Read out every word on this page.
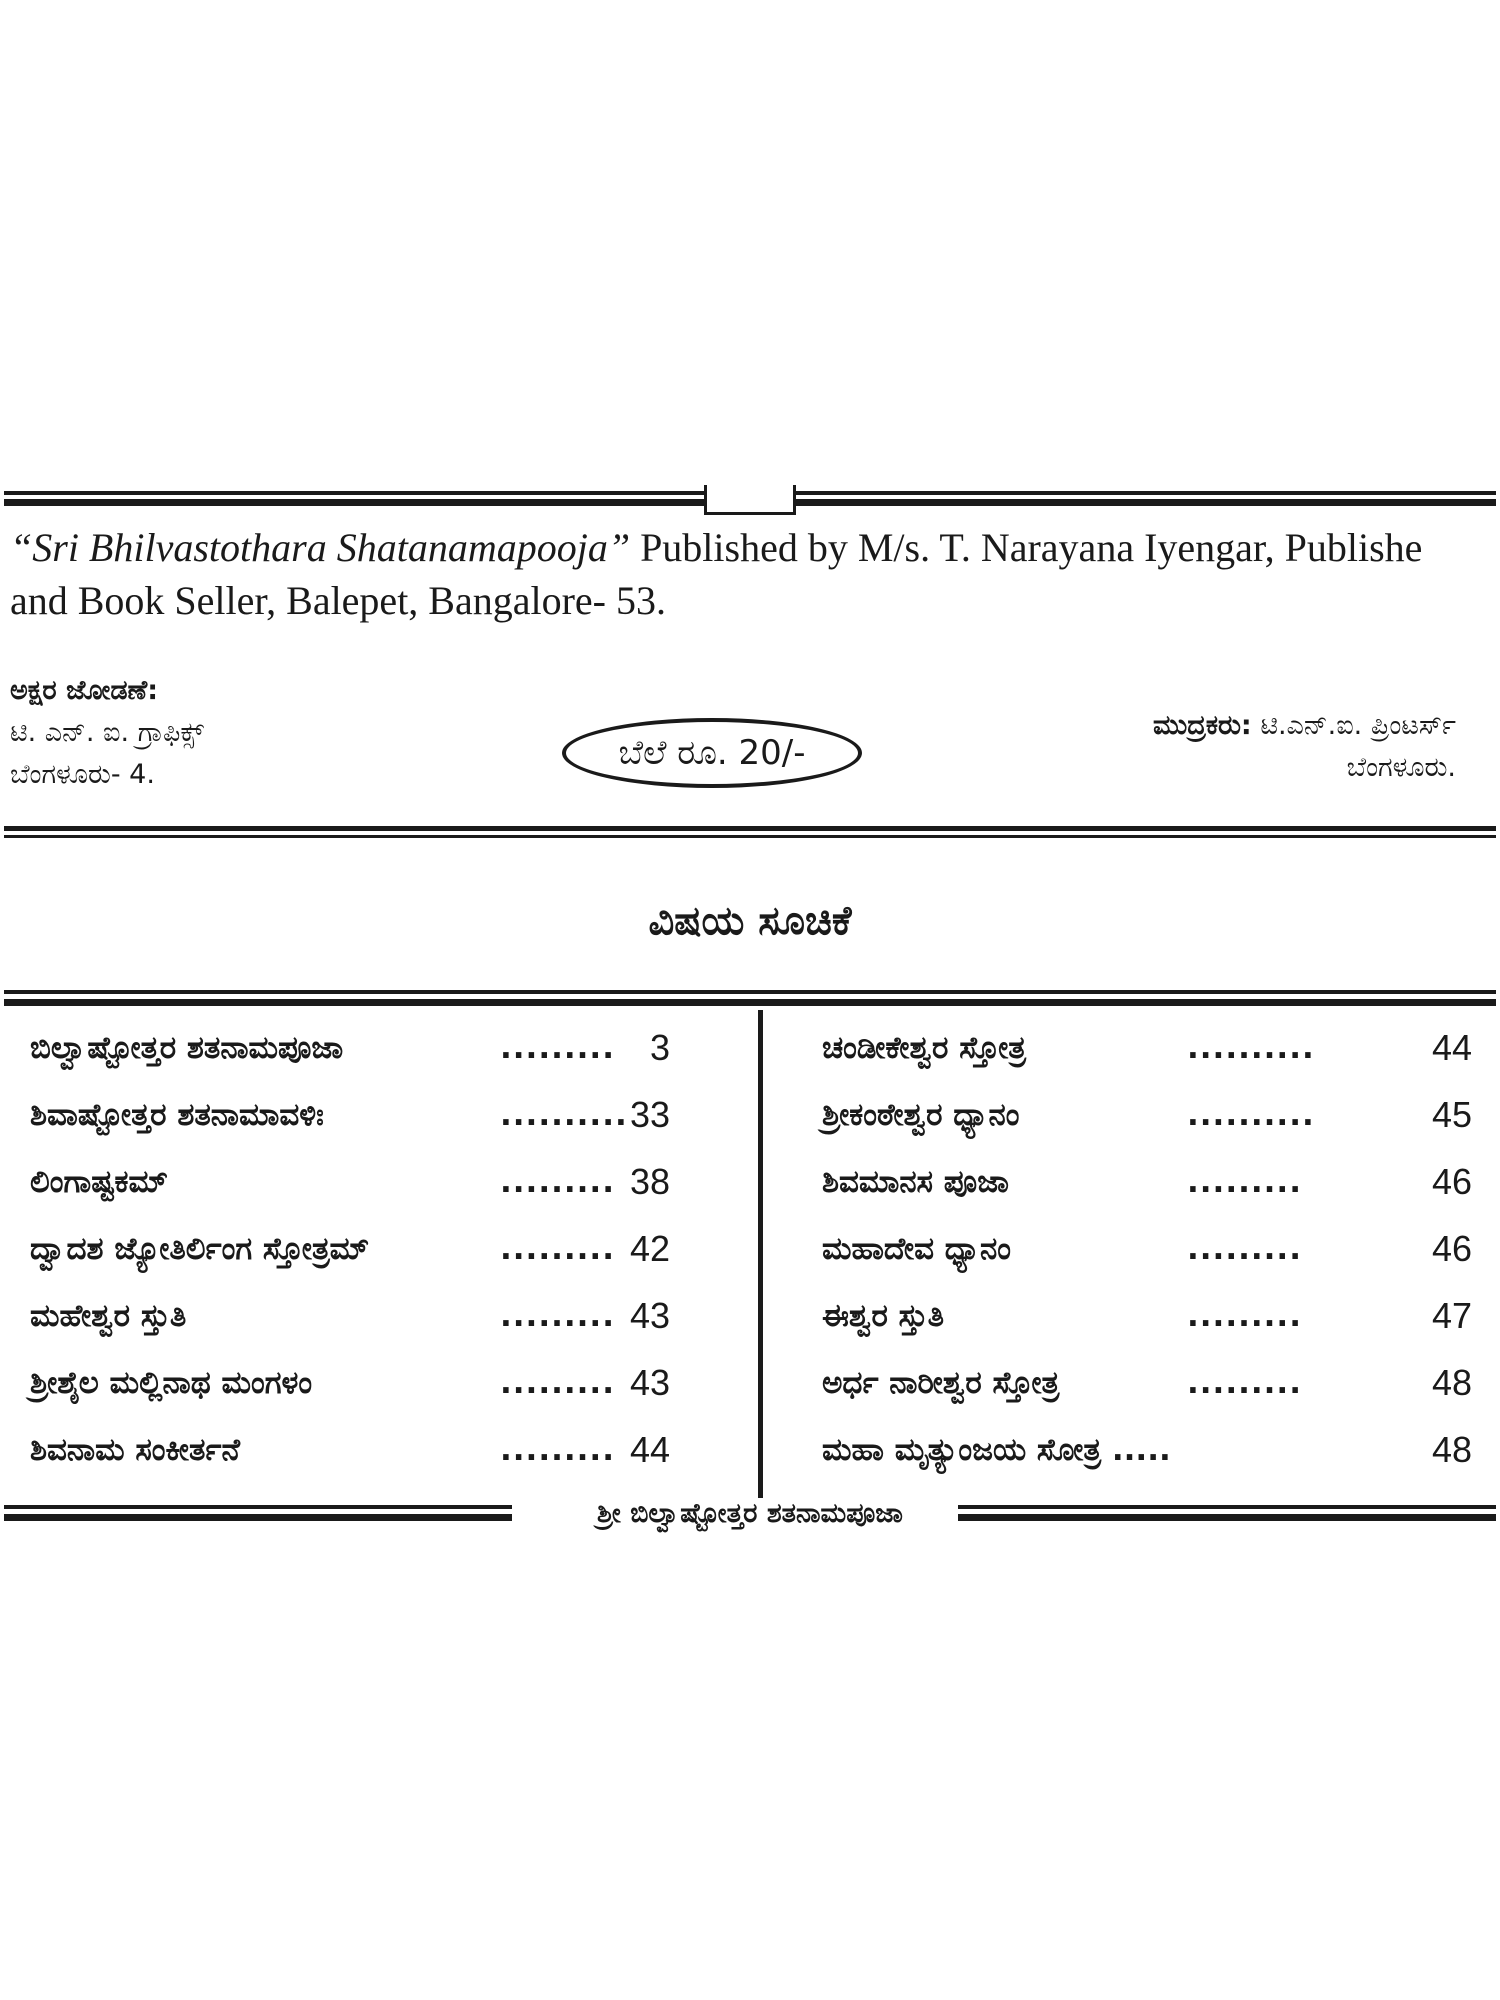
“Sri Bhilvastothara Shatanamapooja” Published by M/s. T. Narayana Iyengar, Publishe
and Book Seller, Balepet, Bangalore- 53.
ಅಕ್ಷರ ಜೋಡಣೆ:
ಟಿ. ಎನ್. ಐ. ಗ್ರಾಫಿಕ್ಸ್
ಬೆಂಗಳೂರು- 4.
ಬೆಲೆ ರೂ. 20/-
ಮುದ್ರಕರು: ಟಿ.ಎನ್.ಐ. ಪ್ರಿಂಟರ್ಸ್
ಬೆಂಗಳೂರು.
ವಿಷಯ ಸೂಚಿಕೆ
ಬಿಲ್ವಾಷ್ಟೋತ್ತರ ಶತನಾಮಪೂಜಾ	......... 3
ಶಿವಾಷ್ಟೋತ್ತರ ಶತನಾಮಾವಳಿಃ	.......... 33
ಲಿಂಗಾಷ್ಟಕಮ್	......... 38
ದ್ವಾದಶ ಜ್ಯೋತಿರ್ಲಿಂಗ ಸ್ತೋತ್ರಮ್	......... 42
ಮಹೇಶ್ವರ ಸ್ತುತಿ	......... 43
ಶ್ರೀಶೈಲ ಮಲ್ಲಿನಾಥ ಮಂಗಳಂ	......... 43
ಶಿವನಾಮ ಸಂಕೀರ್ತನೆ	......... 44
ಚಂಡೀಕೇಶ್ವರ ಸ್ತೋತ್ರ	..........	44
ಶ್ರೀಕಂಠೇಶ್ವರ ಧ್ಯಾನಂ	..........	45
ಶಿವಮಾನಸ ಪೂಜಾ	.........	46
ಮಹಾದೇವ ಧ್ಯಾನಂ	.........	46
ಈಶ್ವರ ಸ್ತುತಿ	.........	47
ಅರ್ಧ ನಾರೀಶ್ವರ ಸ್ತೋತ್ರ	.........	48
ಮಹಾ ಮೃತ್ಯುಂಜಯ ಸೋತ್ರ .....	48
ಶ್ರೀ ಬಿಲ್ವಾಷ್ಟೋತ್ತರ ಶತನಾಮಪೂಜಾ
